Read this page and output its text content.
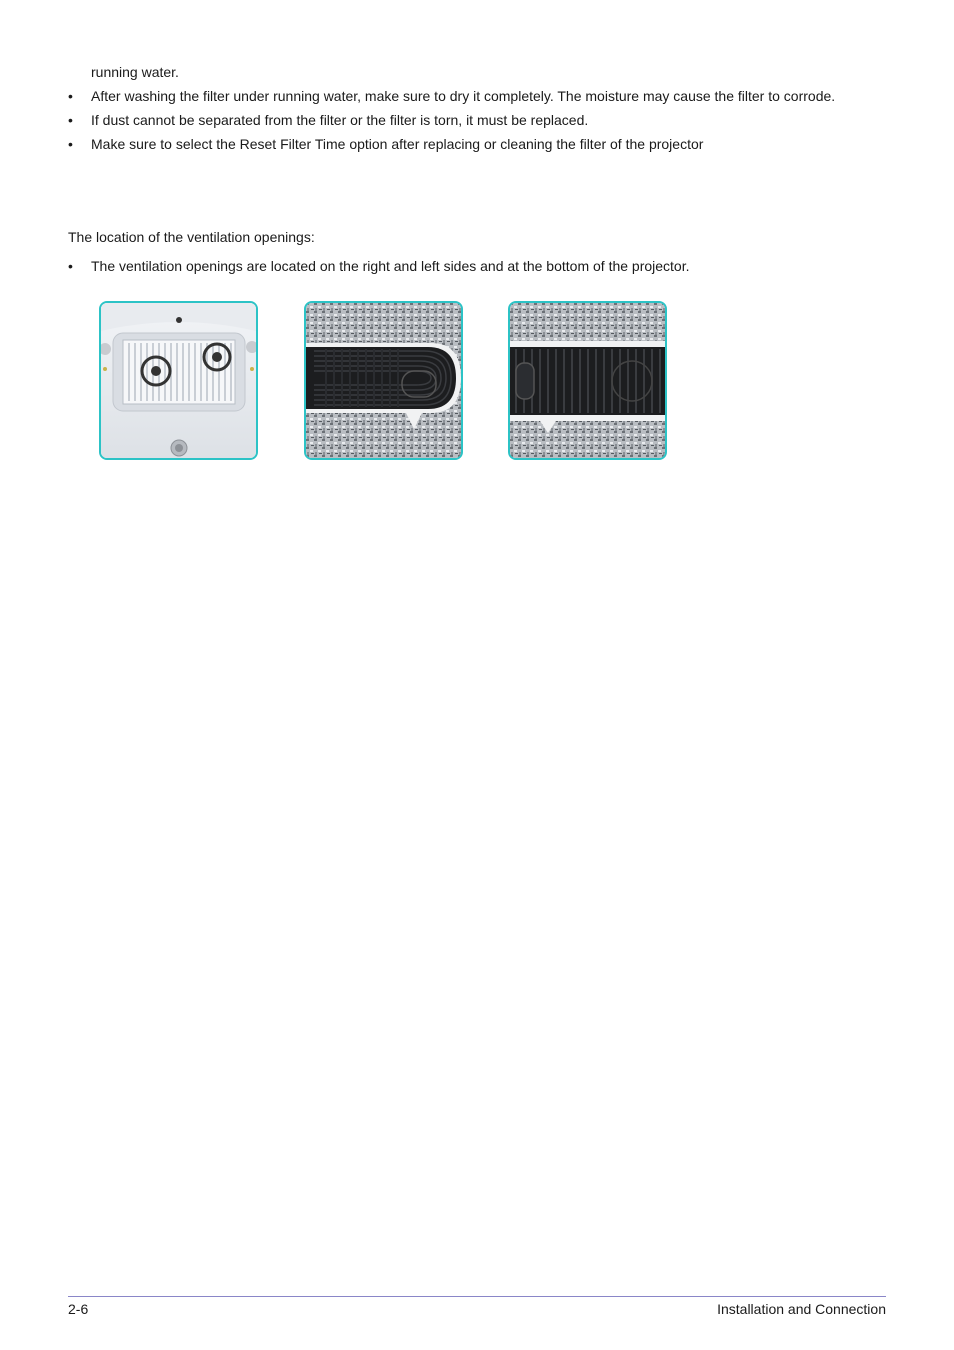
running water.
• After washing the filter under running water, make sure to dry it completely. The moisture may cause the filter to corrode.
• If dust cannot be separated from the filter or the filter is torn, it must be replaced.
• Make sure to select the Reset Filter Time option after replacing or cleaning the filter of the projector
The location of the ventilation openings:
• The ventilation openings are located on the right and left sides and at the bottom of the projector.
2-6	Installation and Connection
